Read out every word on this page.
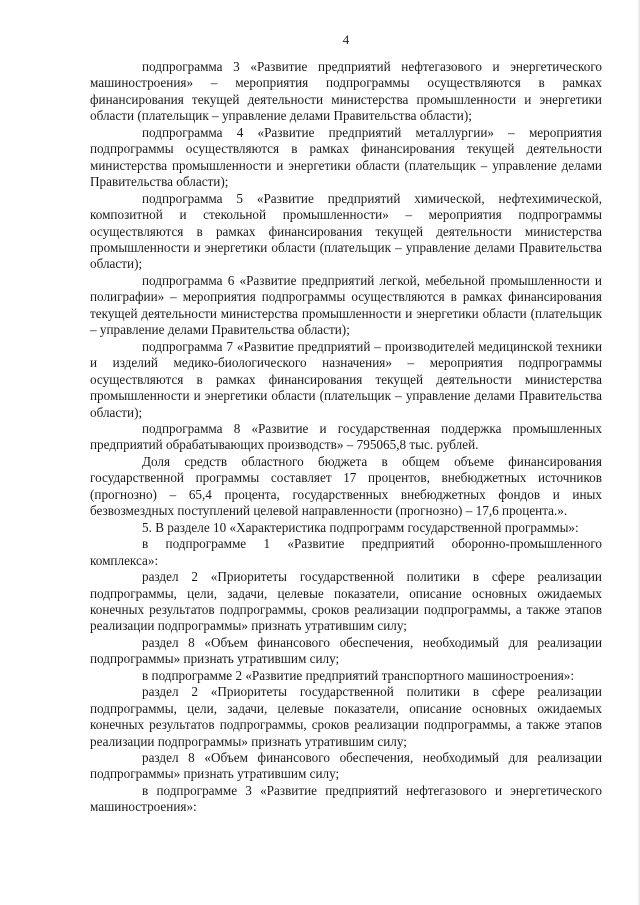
4

подпрограмма 3 «Развитие предприятий нефтегазового и энергетического машиностроения» – мероприятия подпрограммы осуществляются в рамках финансирования текущей деятельности министерства промышленности и энергетики области (плательщик – управление делами Правительства области);

подпрограмма 4 «Развитие предприятий металлургии» – мероприятия подпрограммы осуществляются в рамках финансирования текущей деятельности министерства промышленности и энергетики области (плательщик – управление делами Правительства области);

подпрограмма 5 «Развитие предприятий химической, нефтехимической, композитной и стекольной промышленности» – мероприятия подпрограммы осуществляются в рамках финансирования текущей деятельности министерства промышленности и энергетики области (плательщик – управление делами Правительства области);

подпрограмма 6 «Развитие предприятий легкой, мебельной промышленности и полиграфии» – мероприятия подпрограммы осуществляются в рамках финансирования текущей деятельности министерства промышленности и энергетики области (плательщик – управление делами Правительства области);

подпрограмма 7 «Развитие предприятий – производителей медицинской техники и изделий медико-биологического назначения» – мероприятия подпрограммы осуществляются в рамках финансирования текущей деятельности министерства промышленности и энергетики области (плательщик – управление делами Правительства области);

подпрограмма 8 «Развитие и государственная поддержка промышленных предприятий обрабатывающих производств» – 795065,8 тыс. рублей.

Доля средств областного бюджета в общем объеме финансирования государственной программы составляет 17 процентов, внебюджетных источников (прогнозно) – 65,4 процента, государственных внебюджетных фондов и иных безвозмездных поступлений целевой направленности (прогнозно) – 17,6 процента.».

5. В разделе 10 «Характеристика подпрограмм государственной программы»:

в подпрограмме 1 «Развитие предприятий оборонно-промышленного комплекса»:

раздел 2 «Приоритеты государственной политики в сфере реализации подпрограммы, цели, задачи, целевые показатели, описание основных ожидаемых конечных результатов подпрограммы, сроков реализации подпрограммы, а также этапов реализации подпрограммы» признать утратившим силу;

раздел 8 «Объем финансового обеспечения, необходимый для реализации подпрограммы» признать утратившим силу;

в подпрограмме 2 «Развитие предприятий транспортного машиностроения»:

раздел 2 «Приоритеты государственной политики в сфере реализации подпрограммы, цели, задачи, целевые показатели, описание основных ожидаемых конечных результатов подпрограммы, сроков реализации подпрограммы, а также этапов реализации подпрограммы» признать утратившим силу;

раздел 8 «Объем финансового обеспечения, необходимый для реализации подпрограммы» признать утратившим силу;

в подпрограмме 3 «Развитие предприятий нефтегазового и энергетического машиностроения»:
